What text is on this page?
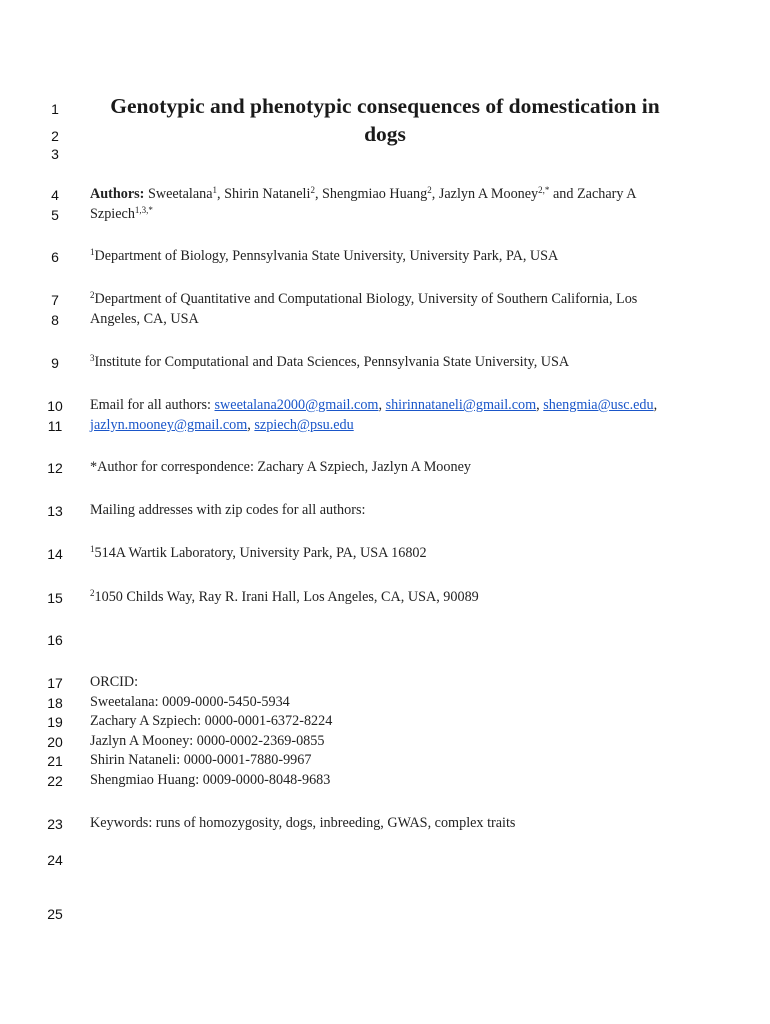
1
2
3
4
5
6
7
8
9
10
11
12
13
14
15
16
17
18
19
20
21
22
23
24
25
Genotypic and phenotypic consequences of domestication in
dogs
Authors: Sweetalana$^1$, Shirin Nataneli$^2$, Shengmiao Huang$^2$, Jazlyn A Mooney$^{2,*}$ and Zachary A
Szpiech$^{1,3,*}$
$^1$Department of Biology, Pennsylvania State University, University Park, PA, USA
$^2$Department of Quantitative and Computational Biology, University of Southern California, Los
Angeles, CA, USA
$^3$Institute for Computational and Data Sciences, Pennsylvania State University, USA
Email for all authors: sweetalana2000@gmail.com, shirinnataneli@gmail.com, shengmia@usc.edu,
jazlyn.mooney@gmail.com, szpiech@psu.edu
*Author for correspondence: Zachary A Szpiech, Jazlyn A Mooney
Mailing addresses with zip codes for all authors:
$^1$514A Wartik Laboratory, University Park, PA, USA 16802
$^2$1050 Childs Way, Ray R. Irani Hall, Los Angeles, CA, USA, 90089
ORCID:
Sweetalana: 0009-0000-5450-5934
Zachary A Szpiech: 0000-0001-6372-8224
Jazlyn A Mooney: 0000-0002-2369-0855
Shirin Nataneli: 0000-0001-7880-9967
Shengmiao Huang: 0009-0000-8048-9683
Keywords: runs of homozygosity, dogs, inbreeding, GWAS, complex traits
